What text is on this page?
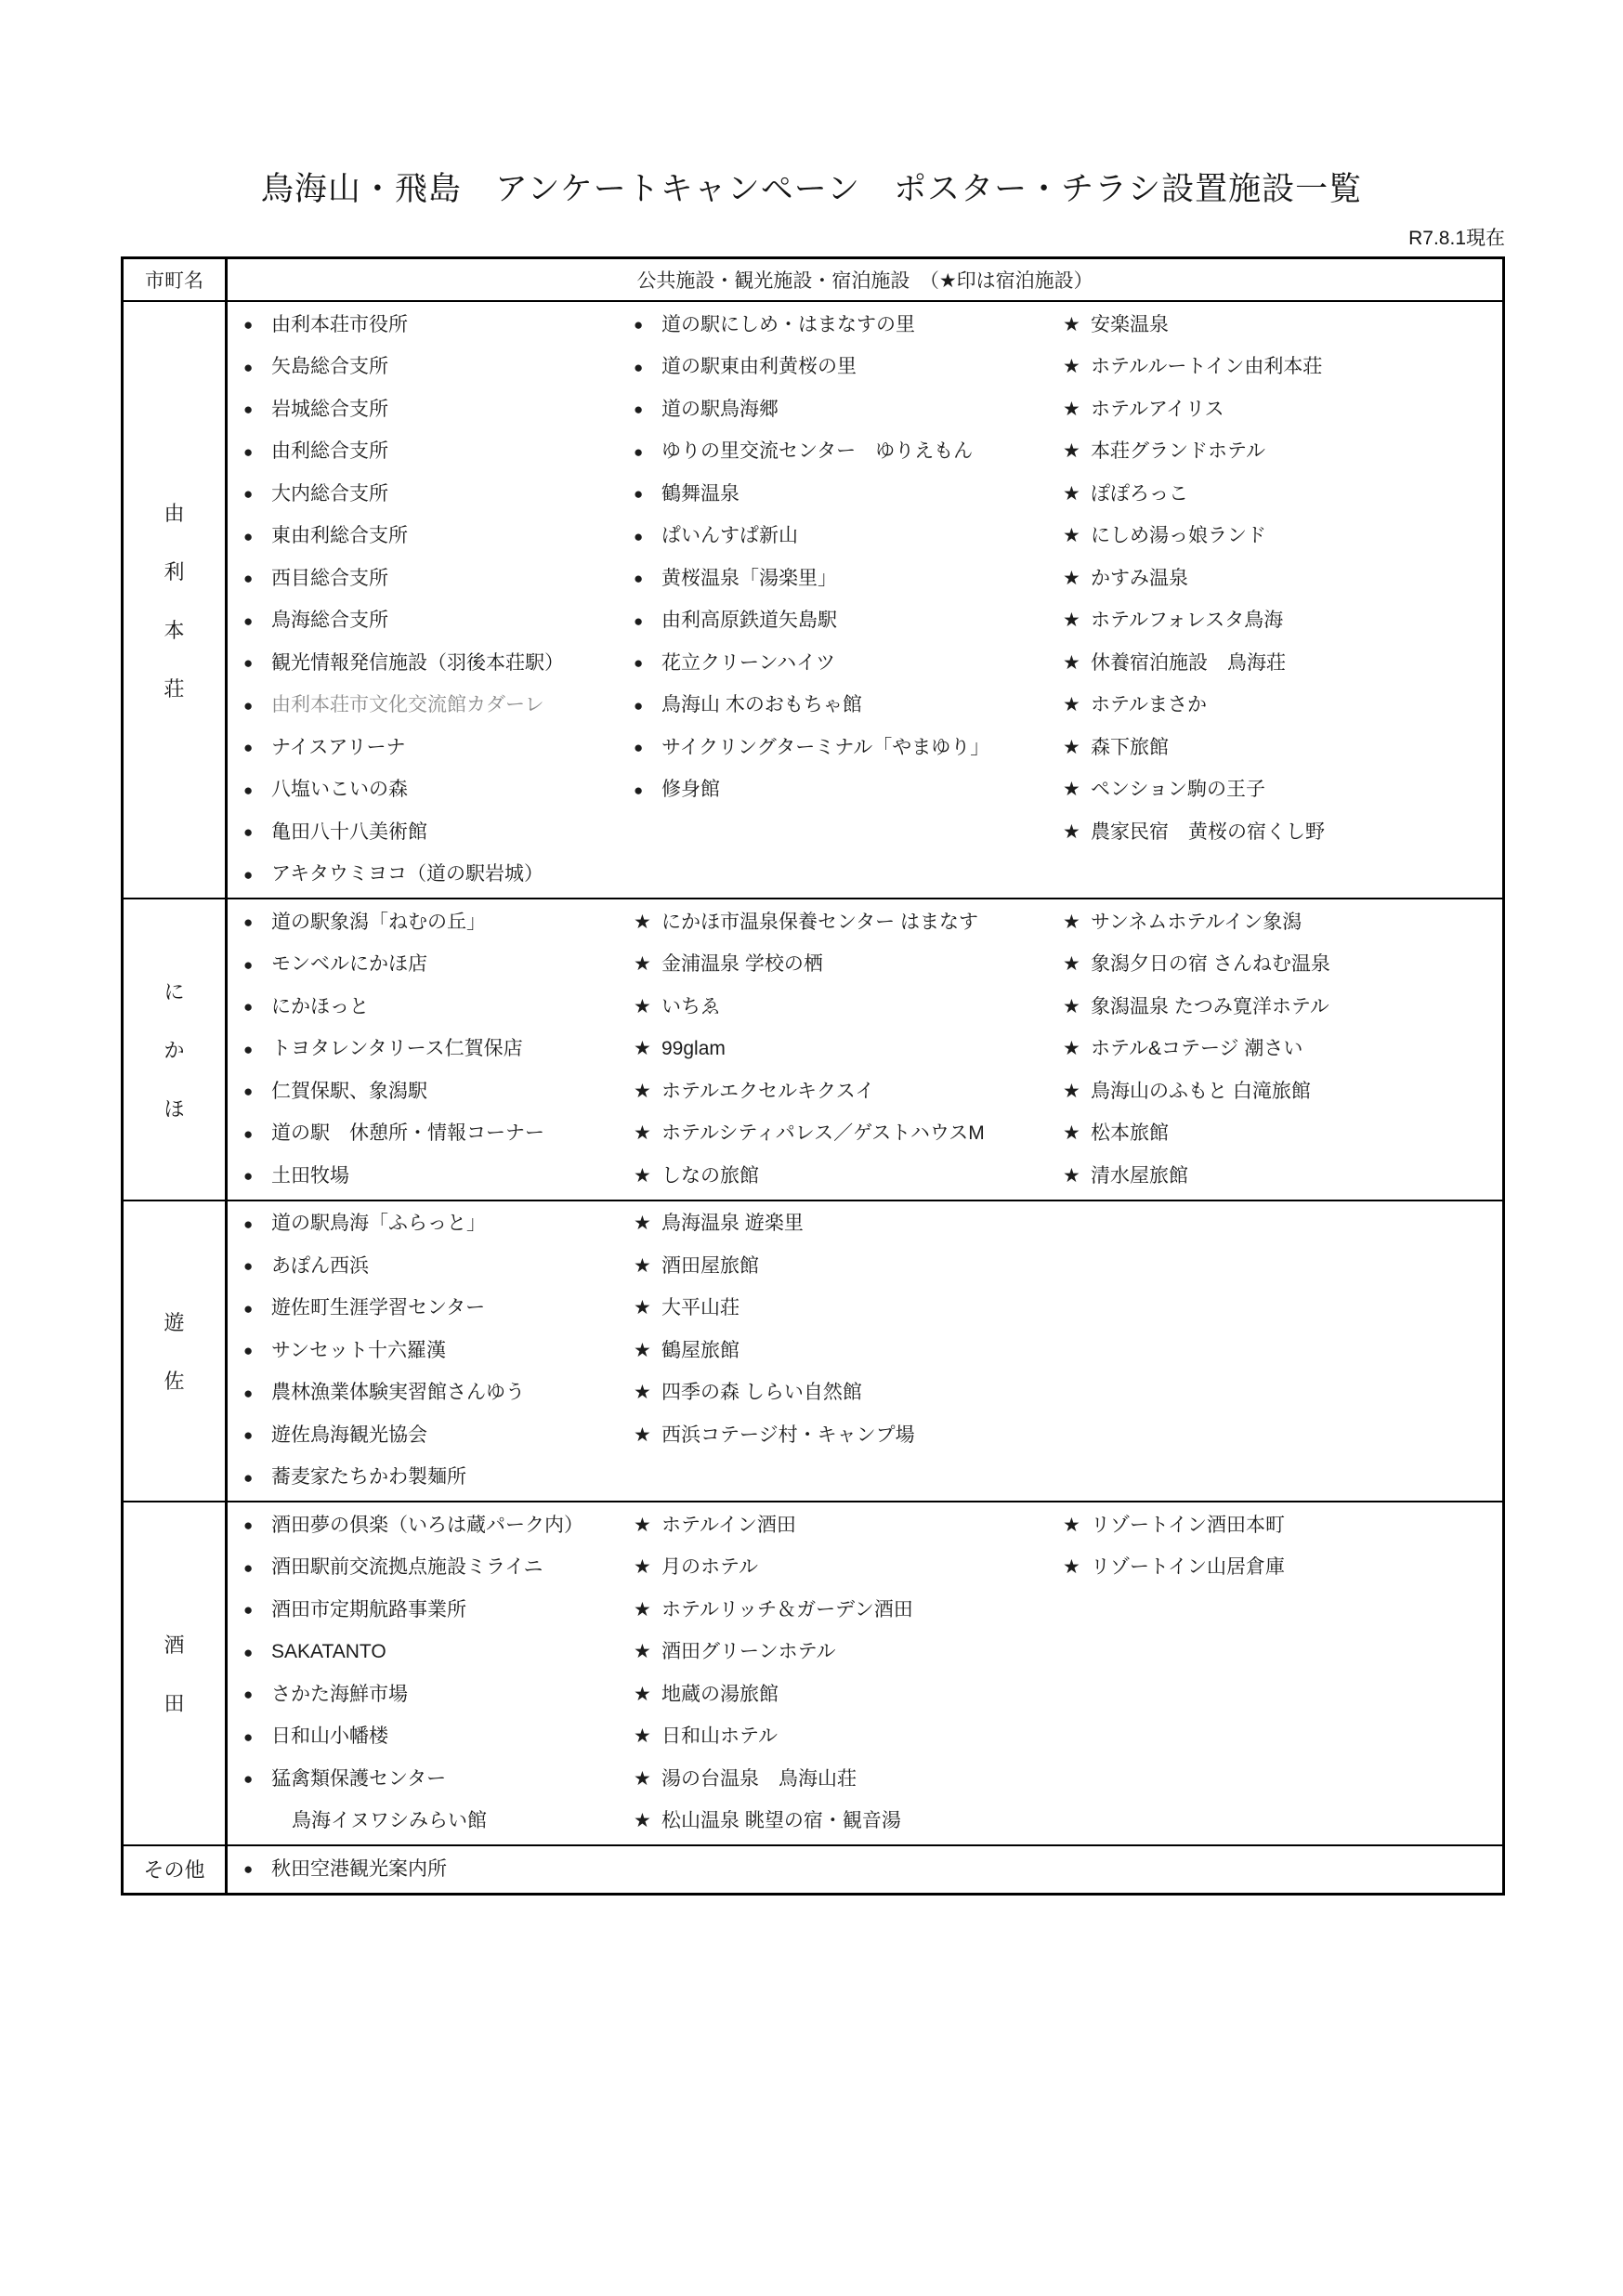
鳥海山・飛島　アンケートキャンペーン　ポスター・チラシ設置施設一覧
R7.8.1現在
市町名	公共施設・観光施設・宿泊施設　（★印は宿泊施設）
由
利
本
荘
● 由利本荘市役所
● 矢島総合支所
● 岩城総合支所
● 由利総合支所
● 大内総合支所
● 東由利総合支所
● 西目総合支所
● 鳥海総合支所
● 観光情報発信施設（羽後本荘駅）
● 由利本荘市文化交流館カダーレ
● ナイスアリーナ
● 八塩いこいの森
● 亀田八十八美術館
● アキタウミヨコ（道の駅岩城）
● 道の駅にしめ・はまなすの里
● 道の駅東由利黄桜の里
● 道の駅鳥海郷
● ゆりの里交流センター　ゆりえもん
● 鶴舞温泉
● ぱいんすぱ新山
● 黄桜温泉「湯楽里」
● 由利高原鉄道矢島駅
● 花立クリーンハイツ
● 鳥海山 木のおもちゃ館
● サイクリングターミナル「やまゆり」
● 修身館
★ 安楽温泉
★ ホテルルートイン由利本荘
★ ホテルアイリス
★ 本荘グランドホテル
★ ぽぽろっこ
★ にしめ湯っ娘ランド
★ かすみ温泉
★ ホテルフォレスタ鳥海
★ 休養宿泊施設　鳥海荘
★ ホテルまさか
★ 森下旅館
★ ペンション駒の王子
★ 農家民宿　黄桜の宿くし野
に
か
ほ
● 道の駅象潟「ねむの丘」
● モンベルにかほ店
● にかほっと
● トヨタレンタリース仁賀保店
● 仁賀保駅、象潟駅
● 道の駅　休憩所・情報コーナー
● 土田牧場
★ にかほ市温泉保養センター はまなす
★ 金浦温泉 学校の栖
★ いちゑ
★ 99glam
★ ホテルエクセルキクスイ
★ ホテルシティパレス／ゲストハウスM
★ しなの旅館
★ サンネムホテルイン象潟
★ 象潟夕日の宿 さんねむ温泉
★ 象潟温泉 たつみ寛洋ホテル
★ ホテル&コテージ 潮さい
★ 鳥海山のふもと 白滝旅館
★ 松本旅館
★ 清水屋旅館
遊
佐
● 道の駅鳥海「ふらっと」
● あぽん西浜
● 遊佐町生涯学習センター
● サンセット十六羅漢
● 農林漁業体験実習館さんゆう
● 遊佐鳥海観光協会
● 蕎麦家たちかわ製麺所
★ 鳥海温泉 遊楽里
★ 酒田屋旅館
★ 大平山荘
★ 鶴屋旅館
★ 四季の森 しらい自然館
★ 西浜コテージ村・キャンプ場
酒
田
● 酒田夢の倶楽（いろは蔵パーク内）
● 酒田駅前交流拠点施設ミライニ
● 酒田市定期航路事業所
● SAKATANTO
● さかた海鮮市場
● 日和山小幡楼
● 猛禽類保護センター
鳥海イヌワシみらい館
★ ホテルイン酒田
★ 月のホテル
★ ホテルリッチ＆ガーデン酒田
★ 酒田グリーンホテル
★ 地蔵の湯旅館
★ 日和山ホテル
★ 湯の台温泉　鳥海山荘
★ 松山温泉 眺望の宿・観音湯
★ リゾートイン酒田本町
★ リゾートイン山居倉庫
その他	● 秋田空港観光案内所
